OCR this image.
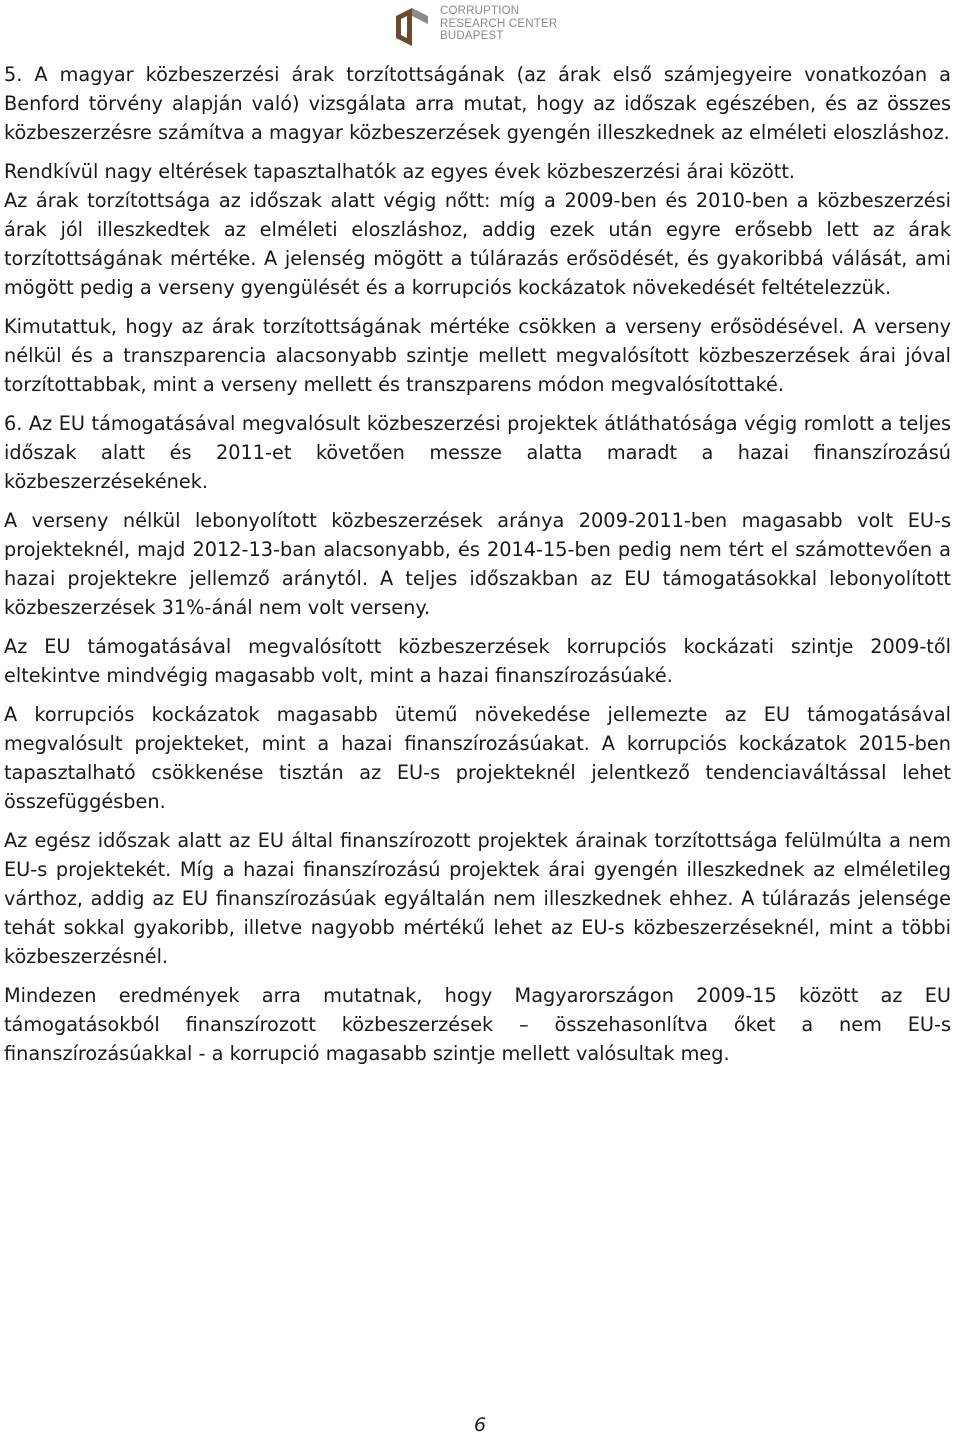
CORRUPTION
RESEARCH CENTER
BUDAPEST

5. A magyar közbeszerzési árak torzítottságának (az árak első számjegyeire vonatkozóan a Benford törvény alapján való) vizsgálata arra mutat, hogy az időszak egészében, és az összes közbeszerzésre számítva a magyar közbeszerzések gyengén illeszkednek az elméleti eloszláshoz.

Rendkívül nagy eltérések tapasztalhatók az egyes évek közbeszerzési árai között.

Az árak torzítottsága az időszak alatt végig nőtt: míg a 2009-ben és 2010-ben a közbeszerzési árak jól illeszkedtek az elméleti eloszláshoz, addig ezek után egyre erősebb lett az árak torzítottságának mértéke. A jelenség mögött a túlárazás erősödését, és gyakoribbá válását, ami mögött pedig a verseny gyengülését és a korrupciós kockázatok növekedését feltételezzük.

Kimutattuk, hogy az árak torzítottságának mértéke csökken a verseny erősödésével. A verseny nélkül és a transzparencia alacsonyabb szintje mellett megvalósított közbeszerzések árai jóval torzítottabbak, mint a verseny mellett és transzparens módon megvalósítottaké.

6. Az EU támogatásával megvalósult közbeszerzési projektek átláthatósága végig romlott a teljes időszak alatt és 2011-et követően messze alatta maradt a hazai finanszírozású közbeszerzésekének.

A verseny nélkül lebonyolított közbeszerzések aránya 2009-2011-ben magasabb volt EU-s projekteknél, majd 2012-13-ban alacsonyabb, és 2014-15-ben pedig nem tért el számottevően a hazai projektekre jellemző aránytól. A teljes időszakban az EU támogatásokkal lebonyolított közbeszerzések 31%-ánál nem volt verseny.

Az EU támogatásával megvalósított közbeszerzések korrupciós kockázati szintje 2009-től eltekintve mindvégig magasabb volt, mint a hazai finanszírozásúaké.

A korrupciós kockázatok magasabb ütemű növekedése jellemezte az EU támogatásával megvalósult projekteket, mint a hazai finanszírozásúakat. A korrupciós kockázatok 2015-ben tapasztalható csökkenése tisztán az EU-s projekteknél jelentkező tendenciaváltással lehet összefüggésben.

Az egész időszak alatt az EU által finanszírozott projektek árainak torzítottsága felülmúlta a nem EU-s projektekét. Míg a hazai finanszírozású projektek árai gyengén illeszkednek az elméletileg várthoz, addig az EU finanszírozásúak egyáltalán nem illeszkednek ehhez. A túlárazás jelensége tehát sokkal gyakoribb, illetve nagyobb mértékű lehet az EU-s közbeszerzéseknél, mint a többi közbeszerzésnél.

Mindezen eredmények arra mutatnak, hogy Magyarországon 2009-15 között az EU támogatásokból finanszírozott közbeszerzések – összehasonlítva őket a nem EU-s finanszírozásúakkal - a korrupció magasabb szintje mellett valósultak meg.

6
